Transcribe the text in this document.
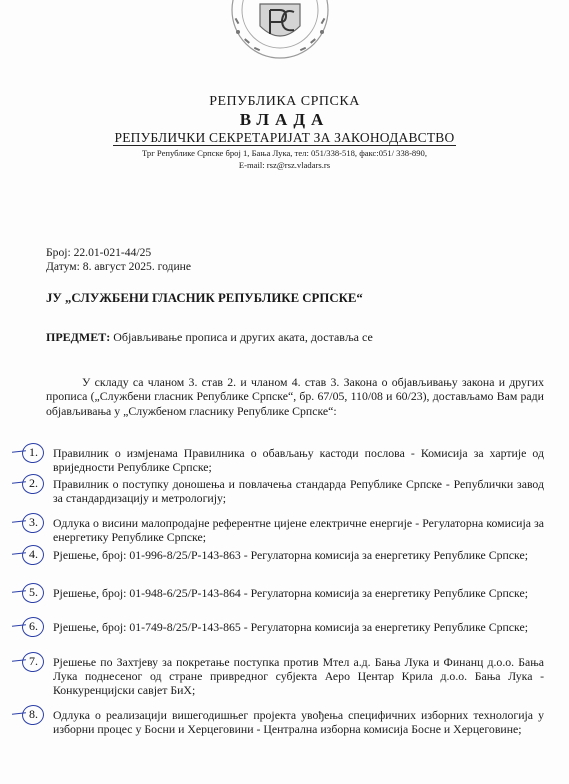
РЕПУБЛИКА СРПСКА
ВЛАДА
РЕПУБЛИЧКИ СЕКРЕТАРИЈАТ ЗА ЗАКОНОДАВСТВО
Трг Републике Српске број 1, Бања Лука, тел: 051/338-518, факс:051/ 338-890,
E-mail: rsz@rsz.vladars.rs
Број: 22.01-021-44/25
Датум: 8. август 2025. године
ЈУ „СЛУЖБЕНИ ГЛАСНИК РЕПУБЛИКЕ СРПСКЕ“
ПРЕДМЕТ: Објављивање прописа и других аката, доставља се

У складу са чланом 3. став 2. и чланом 4. став 3. Закона о објављивању закона и других прописа („Службени гласник Републике Српске“, бр. 67/05, 110/08 и 60/23), достављамо Вам ради објављивања у „Службеном гласнику Републике Српске“:

1. Правилник о измјенама Правилника о обављању кастоди послова - Комисија за хартије од вриједности Републике Српске;
2. Правилник о поступку доношења и повлачења стандарда Републике Српске - Републички завод за стандардизацију и метрологију;
3. Одлука о висини малопродајне референтне цијене електричне енергије - Регулаторна комисија за енергетику Републике Српске;
4. Рјешење, број: 01-996-8/25/Р-143-863 - Регулаторна комисија за енергетику Републике Српске;
5. Рјешење, број: 01-948-6/25/Р-143-864 - Регулаторна комисија за енергетику Републике Српске;
6. Рјешење, број: 01-749-8/25/Р-143-865 - Регулаторна комисија за енергетику Републике Српске;
7. Рјешење по Захтјеву за покретање поступка против Мтел а.д. Бања Лука и Финанц д.о.о. Бања Лука поднесеног од стране привредног субјекта Аеро Центар Крила д.о.о. Бања Лука - Конкуренцијски савјет БиХ;
8. Одлука о реализацији вишегодишњег пројекта увођења специфичних изборних технологија у изборни процес у Босни и Херцеговини - Централна изборна комисија Босне и Херцеговине;
